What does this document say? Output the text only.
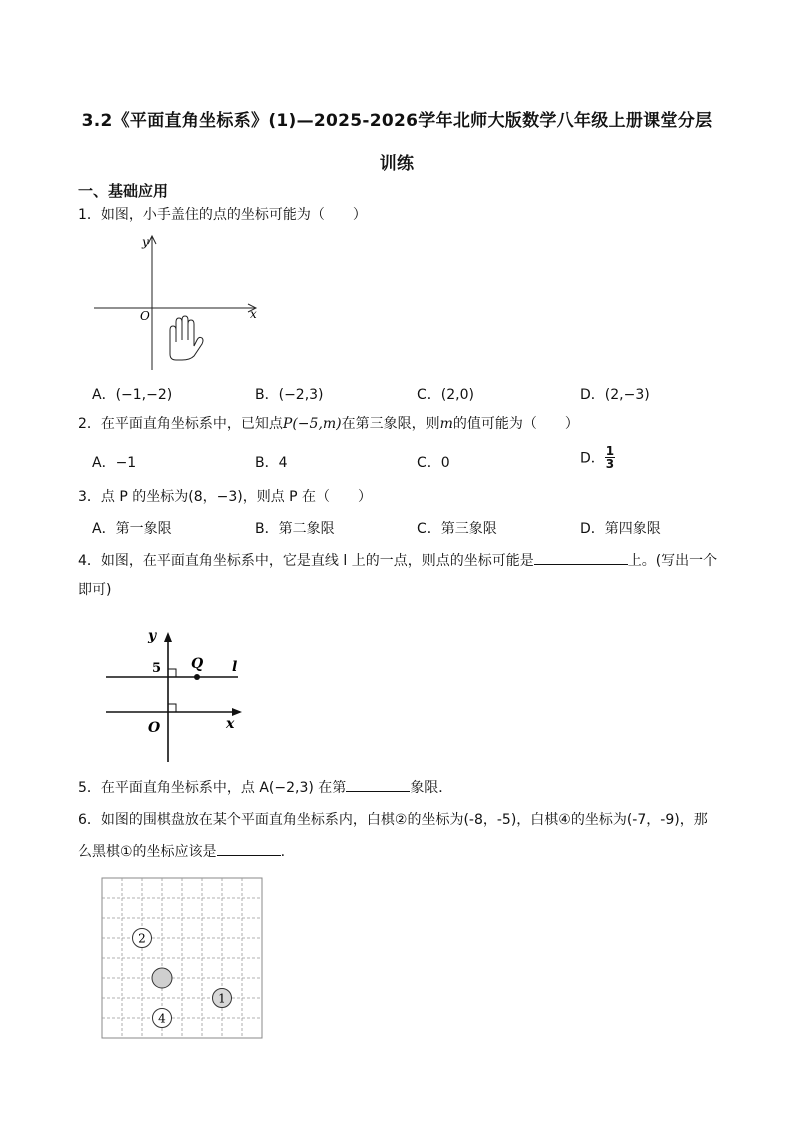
3.2《平面直角坐标系》(1)—2025-2026学年北师大版数学八年级上册课堂分层
训练
一、基础应用
1．如图，小手盖住的点的坐标可能为（　　）
y
x
O
A．(−1,−2)	B．(−2,3)	C．(2,0)	D．(2,−3)
2．在平面直角坐标系中，已知点P(−5,m)在第三象限，则m的值可能为（　　）
A．−1	B．4	C．0	D． $\frac{1}{3}$
3．点 P 的坐标为(8，−3)，则点 P 在（　　）
A．第一象限	B．第二象限	C．第三象限	D．第四象限
4．如图，在平面直角坐标系中，它是直线 l 上的一点，则点的坐标可能是	上。(写出一个
即可)
y
x
O
5 Q l
5．在平面直角坐标系中，点 A(−2,3) 在第	象限．
6．如图的围棋盘放在某个平面直角坐标系内，白棋②的坐标为(-8，-5)，白棋④的坐标为(-7，-9)，那
么黑棋①的坐标应该是	.
2
1
4
